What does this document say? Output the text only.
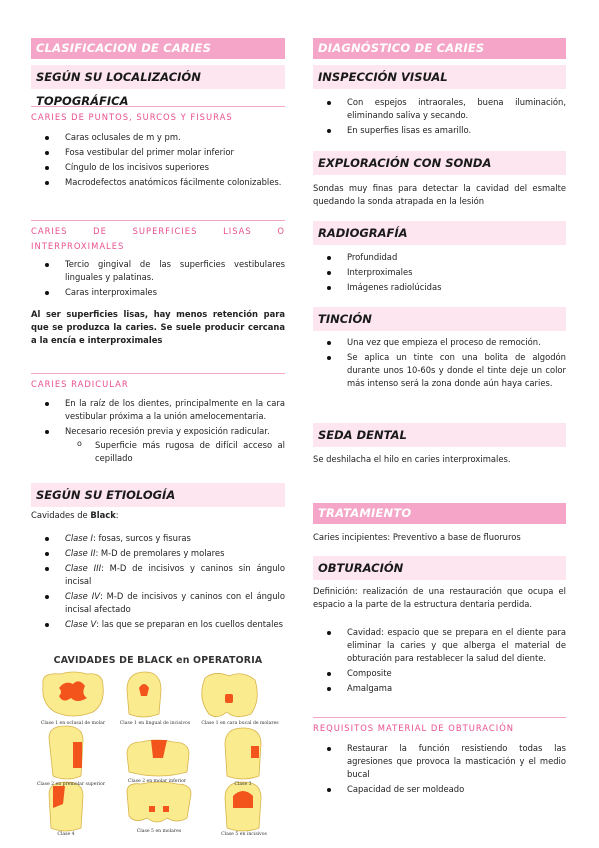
CLASIFICACION DE CARIES
SEGÚN SU LOCALIZACIÓN TOPOGRÁFICA
CARIES DE PUNTOS, SURCOS Y FISURAS
Caras oclusales de m y pm.
Fosa vestibular del primer molar inferior
Cíngulo de los incisivos superiores
Macrodefectos anatómicos fácilmente colonizables.
CARIES DE SUPERFICIES LISAS O
INTERPROXIMALES
Tercio gingival de las superficies vestibulares linguales y palatinas.
Caras interproximales

Al ser superficies lisas, hay menos retención para que se produzca la caries. Se suele producir cercana a la encía e interproximales

CARIES RADICULAR
En la raíz de los dientes, principalmente en la cara vestibular próxima a la unión amelocementaria.
Necesario recesión previa y exposición radicular.
o Superficie más rugosa de difícil acceso al cepillado
SEGÚN SU ETIOLOGÍA

Cavidades de Black:

Clase I: fosas, surcos y fisuras
Clase II: M-D de premolares y molares
Clase III: M-D de incisivos y caninos sin ángulo incisal
Clase IV: M-D de incisivos y caninos con el ángulo incisal afectado
Clase V: las que se preparan en los cuellos dentales
CAVIDADES DE BLACK en OPERATORIA
Clase 1 en oclusal de molar	Clase 1 en lingual de incisivos	Clase 1 en cara bucal de molares
Clase 2 en premolar superior
Clase 2 en molar inferior
Clase 3
Clase 4
Clase 5 en molares
Clase 5 en incisivos
DIAGNÓSTICO DE CARIES
INSPECCIÓN VISUAL
Con espejos intraorales, buena iluminación, eliminando saliva y secando.
En superfies lisas es amarillo.
EXPLORACIÓN CON SONDA

Sondas muy finas para detectar la cavidad del esmalte quedando la sonda atrapada en la lesión

RADIOGRAFÍA
Profundidad
Interproximales
Imágenes radiolúcidas
TINCIÓN
Una vez que empieza el proceso de remoción.
Se aplica un tinte con una bolita de algodón durante unos 10-60s y donde el tinte deje un color más intenso será la zona donde aún haya caries.
SEDA DENTAL

Se deshilacha el hilo en caries interproximales.

TRATAMIENTO

Caries incipientes: Preventivo a base de fluoruros

OBTURACIÓN

Definición: realización de una restauración que ocupa el espacio a la parte de la estructura dentaria perdida.

Cavidad: espacio que se prepara en el diente para eliminar la caries y que alberga el material de obturación para restablecer la salud del diente.
Composite
Amalgama
REQUISITOS MATERIAL DE OBTURACIÓN
Restaurar la función resistiendo todas las agresiones que provoca la masticación y el medio bucal
Capacidad de ser moldeado
